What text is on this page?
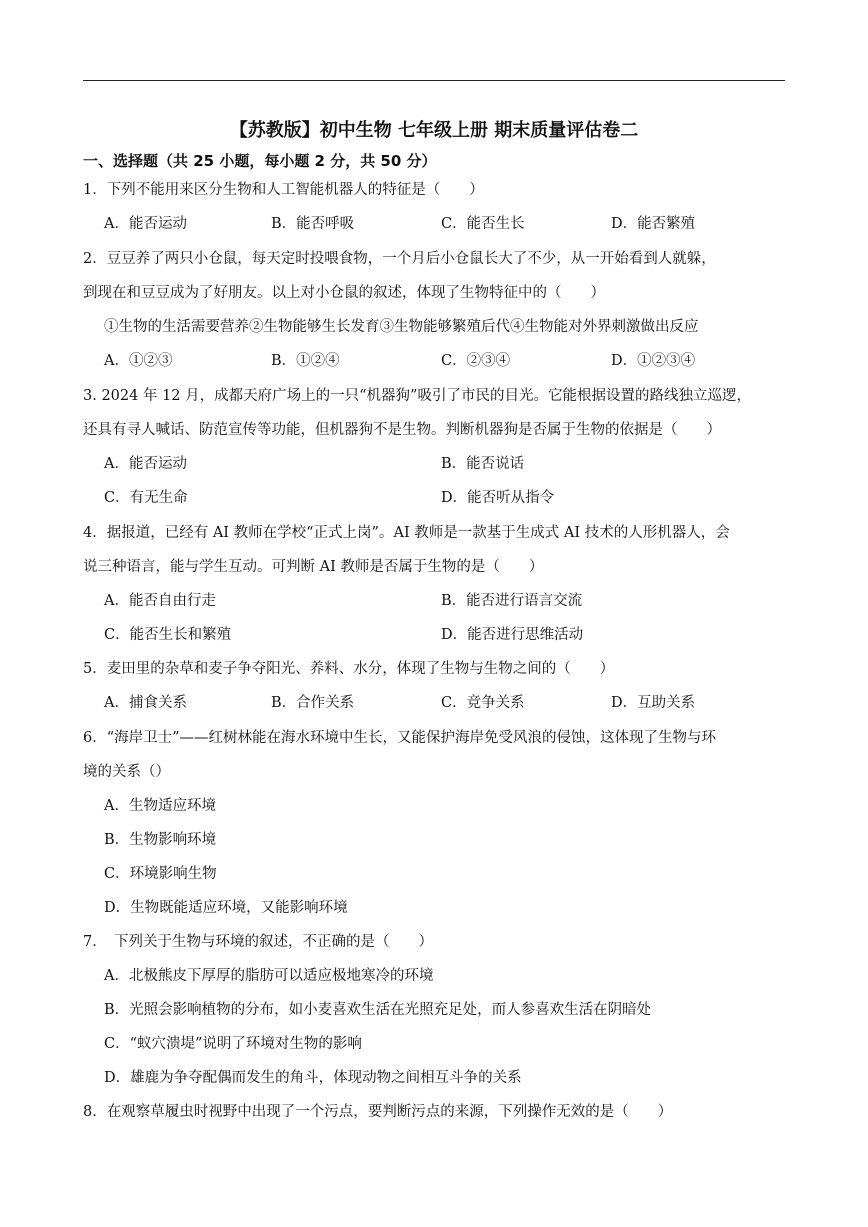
【苏教版】初中生物 七年级上册 期末质量评估卷二
一、选择题（共 25 小题，每小题 2 分，共 50 分）
1．下列不能用来区分生物和人工智能机器人的特征是（　　）
A．能否运动	B．能否呼吸	C．能否生长	D．能否繁殖
2．豆豆养了两只小仓鼠，每天定时投喂食物，一个月后小仓鼠长大了不少，从一开始看到人就躲，
到现在和豆豆成为了好朋友。以上对小仓鼠的叙述，体现了生物特征中的（　　）
①生物的生活需要营养②生物能够生长发育③生物能够繁殖后代④生物能对外界刺激做出反应
A．①②③	B．①②④	C．②③④	D．①②③④
3. 2024 年 12 月，成都天府广场上的一只“机器狗”吸引了市民的目光。它能根据设置的路线独立巡逻，
还具有寻人喊话、防范宣传等功能，但机器狗不是生物。判断机器狗是否属于生物的依据是（　　）
A．能否运动	B．能否说话
C．有无生命	D．能否听从指令
4．据报道，已经有 AI 教师在学校“正式上岗”。AI 教师是一款基于生成式 AI 技术的人形机器人，会
说三种语言，能与学生互动。可判断 AI 教师是否属于生物的是（　　）
A．能否自由行走	B．能否进行语言交流
C．能否生长和繁殖	D．能否进行思维活动
5．麦田里的杂草和麦子争夺阳光、养料、水分，体现了生物与生物之间的（　　）
A．捕食关系	B．合作关系	C．竞争关系	D．互助关系
6．“海岸卫士”——红树林能在海水环境中生长，又能保护海岸免受风浪的侵蚀，这体现了生物与环
境的关系（）
A．生物适应环境
B．生物影响环境
C．环境影响生物
D．生物既能适应环境，又能影响环境
7．　下列关于生物与环境的叙述，不正确的是（　　）
A．北极熊皮下厚厚的脂肪可以适应极地寒冷的环境
B．光照会影响植物的分布，如小麦喜欢生活在光照充足处，而人参喜欢生活在阴暗处
C．“蚁穴溃堤”说明了环境对生物的影响
D．雄鹿为争夺配偶而发生的角斗，体现动物之间相互斗争的关系
8．在观察草履虫时视野中出现了一个污点，要判断污点的来源，下列操作无效的是（　　）
